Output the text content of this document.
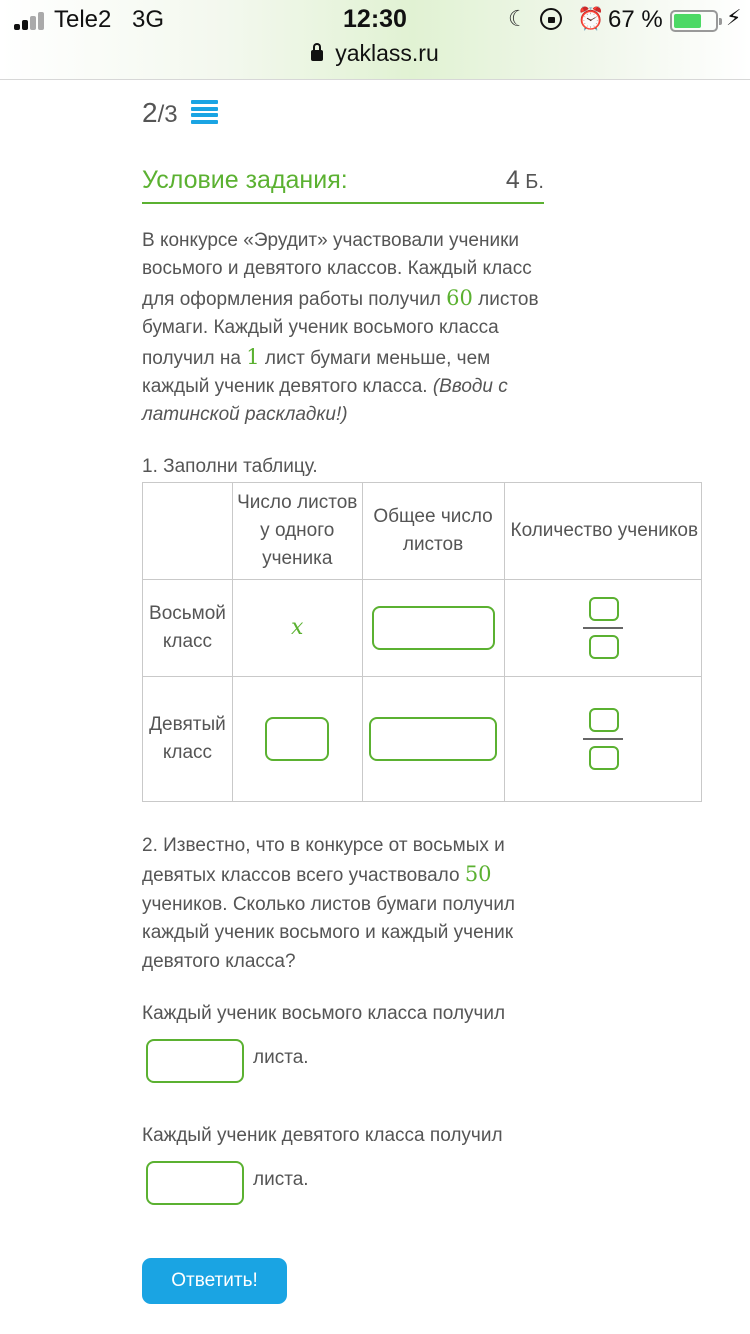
Tele2 3G	12:30	☾ ⏰ 67 %	⚡
yaklass.ru
2/3
Условие задания:	4 Б.
В конкурсе «Эрудит» участвовали ученики восьмого и девятого классов. Каждый класс для оформления работы получил 60 листов бумаги. Каждый ученик восьмого класса получил на 1 лист бумаги меньше, чем каждый ученик девятого класса. (Вводи с латинской раскладки!)
1. Заполни таблицу.
	Число листов у одного ученика	Общее число листов	Количество учеников
Восьмой класс	x		

Девятый класс			
2. Известно, что в конкурсе от восьмых и девятых классов всего участвовало 50 учеников. Сколько листов бумаги получил каждый ученик восьмого и каждый ученик девятого класса?
Каждый ученик восьмого класса получил
листа.
Каждый ученик девятого класса получил
листа.
Ответить!
